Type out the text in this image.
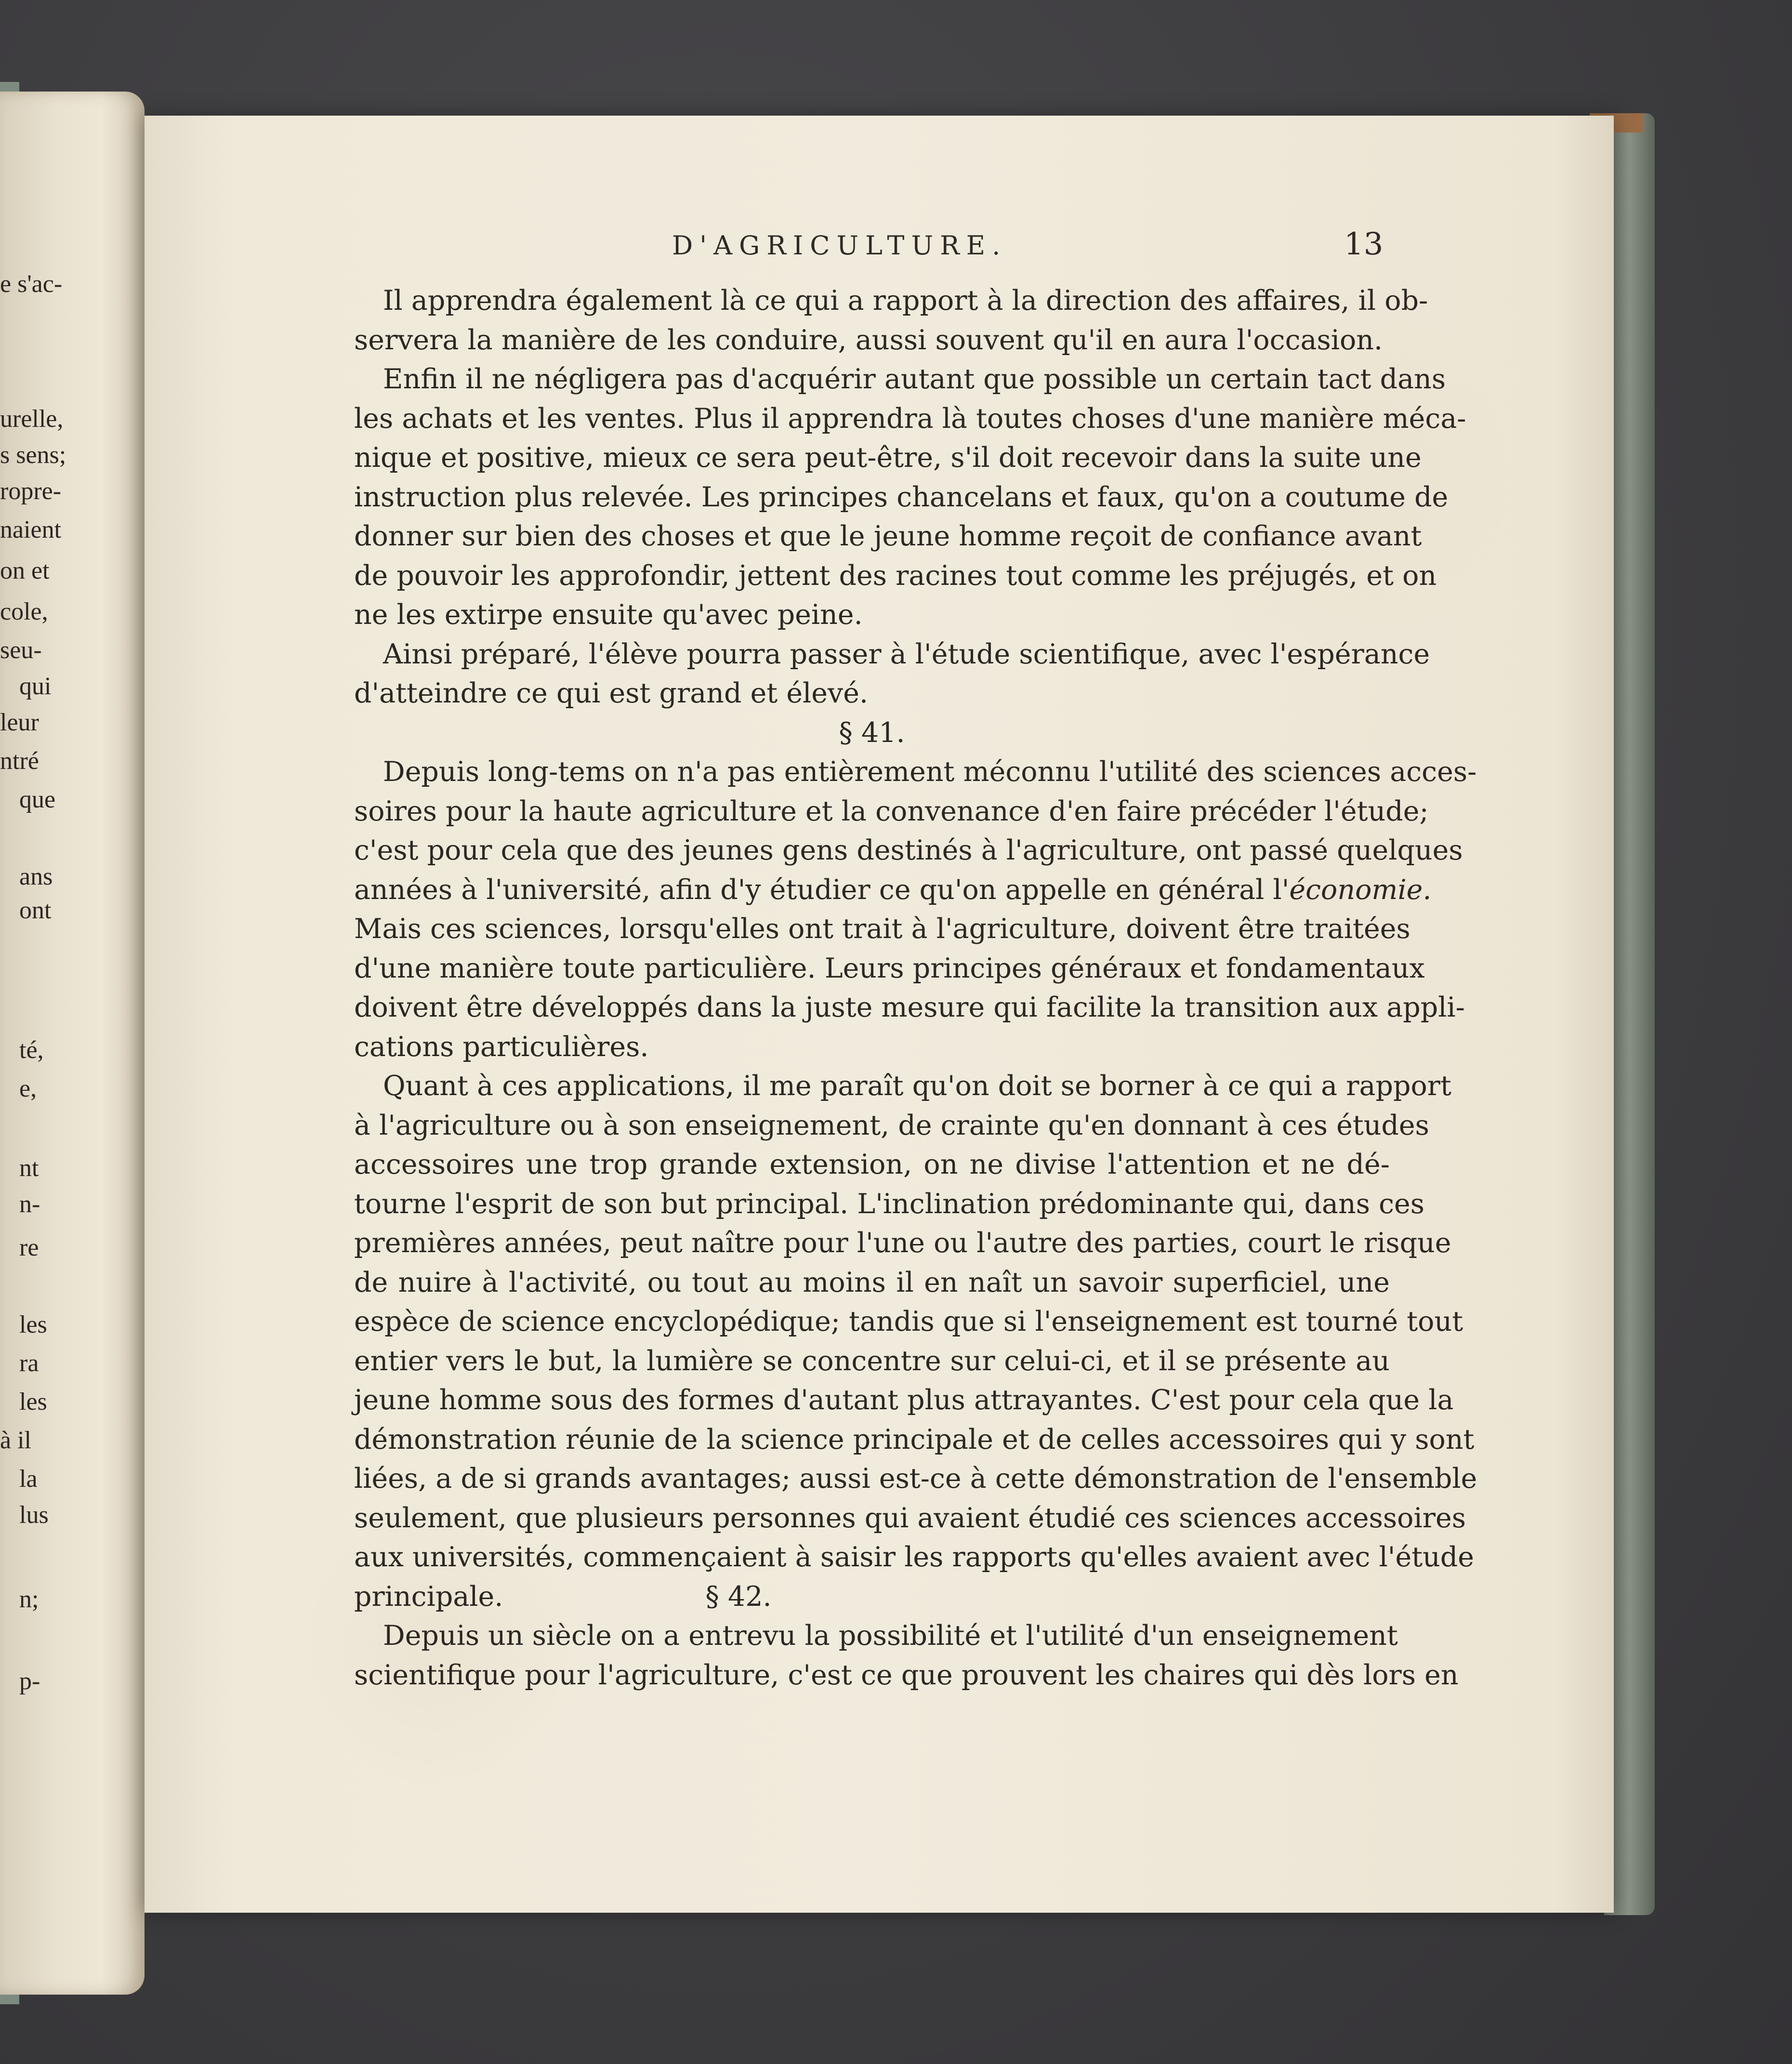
e s'ac-
urelle,
s sens;
ropre-
naient
on et
cole,
seu-
qui
leur
ntré
que
ans
ont
té,
e,
nt
n-
re
les
ra
les
à il
la
lus
n;
p-
D'AGRICULTURE.	13
Il apprendra également là ce qui a rapport à la direction des affaires, il ob-
servera la manière de les conduire, aussi souvent qu'il en aura l'occasion.
Enfin il ne négligera pas d'acquérir autant que possible un certain tact dans
les achats et les ventes. Plus il apprendra là toutes choses d'une manière méca-
nique et positive, mieux ce sera peut-être, s'il doit recevoir dans la suite une
instruction plus relevée. Les principes chancelans et faux, qu'on a coutume de
donner sur bien des choses et que le jeune homme reçoit de confiance avant
de pouvoir les approfondir, jettent des racines tout comme les préjugés, et on
ne les extirpe ensuite qu'avec peine.
Ainsi préparé, l'élève pourra passer à l'étude scientifique, avec l'espérance
d'atteindre ce qui est grand et élevé.
§ 41.
Depuis long-tems on n'a pas entièrement méconnu l'utilité des sciences acces-
soires pour la haute agriculture et la convenance d'en faire précéder l'étude;
c'est pour cela que des jeunes gens destinés à l'agriculture, ont passé quelques
années à l'université, afin d'y étudier ce qu'on appelle en général l'économie.
Mais ces sciences, lorsqu'elles ont trait à l'agriculture, doivent être traitées
d'une manière toute particulière. Leurs principes généraux et fondamentaux
doivent être développés dans la juste mesure qui facilite la transition aux appli-
cations particulières.
Quant à ces applications, il me paraît qu'on doit se borner à ce qui a rapport
à l'agriculture ou à son enseignement, de crainte qu'en donnant à ces études
accessoires une trop grande extension, on ne divise l'attention et ne dé-
tourne l'esprit de son but principal. L'inclination prédominante qui, dans ces
premières années, peut naître pour l'une ou l'autre des parties, court le risque
de nuire à l'activité, ou tout au moins il en naît un savoir superficiel, une
espèce de science encyclopédique; tandis que si l'enseignement est tourné tout
entier vers le but, la lumière se concentre sur celui-ci, et il se présente au
jeune homme sous des formes d'autant plus attrayantes. C'est pour cela que la
démonstration réunie de la science principale et de celles accessoires qui y sont
liées, a de si grands avantages; aussi est-ce à cette démonstration de l'ensemble
seulement, que plusieurs personnes qui avaient étudié ces sciences accessoires
aux universités, commençaient à saisir les rapports qu'elles avaient avec l'étude
principale.	§ 42.
Depuis un siècle on a entrevu la possibilité et l'utilité d'un enseignement
scientifique pour l'agriculture, c'est ce que prouvent les chaires qui dès lors en
